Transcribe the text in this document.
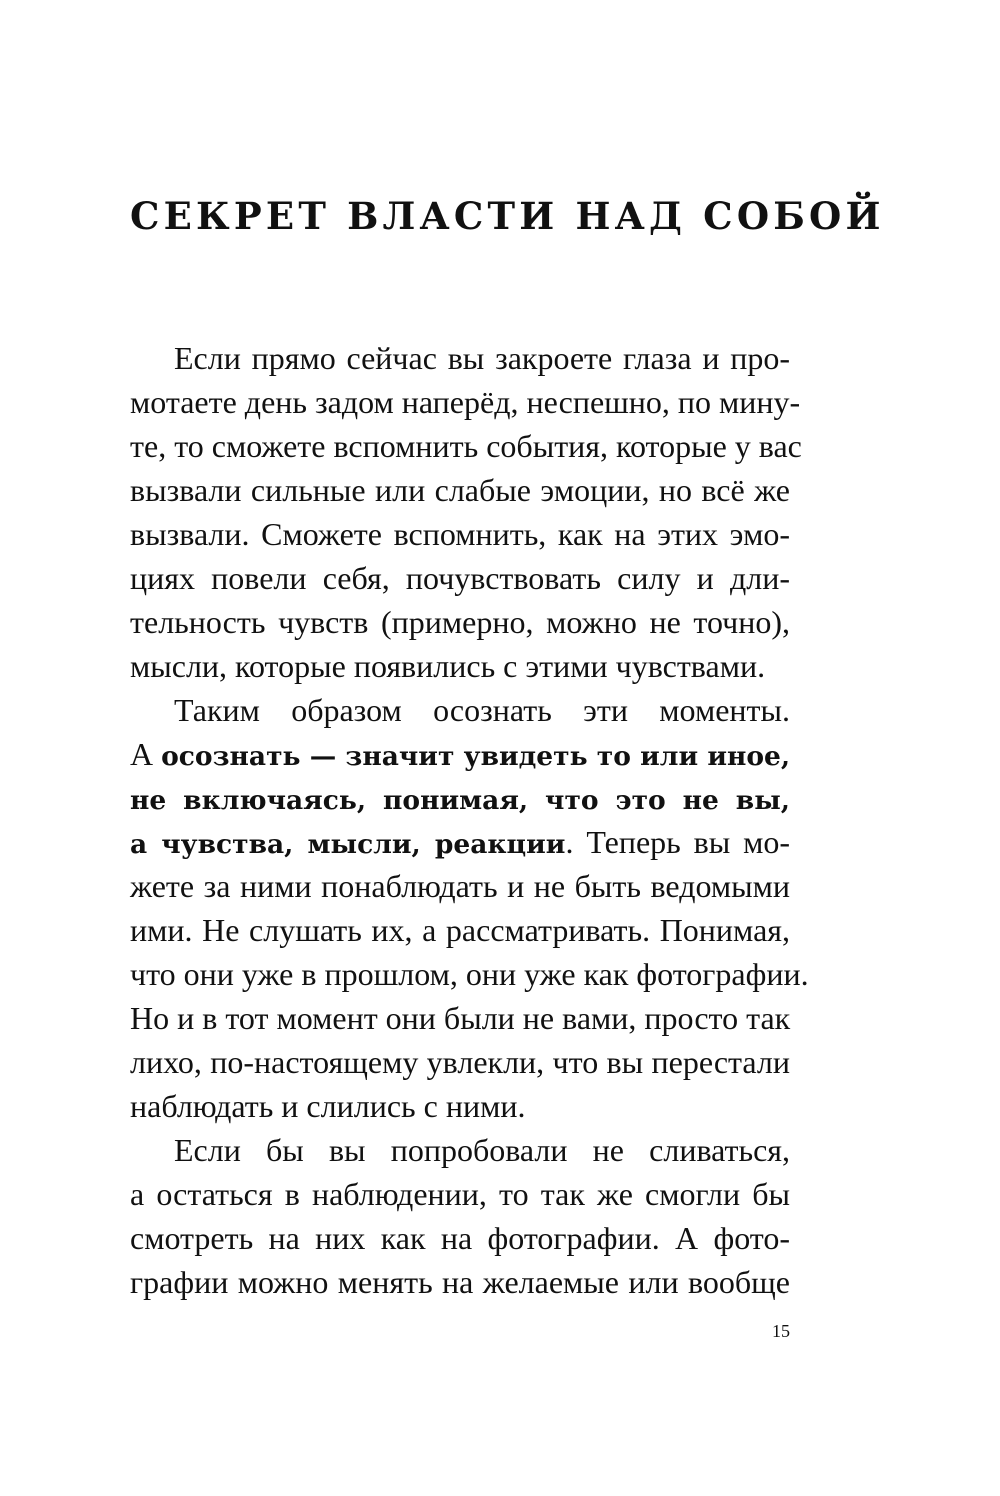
СЕКРЕТ ВЛАСТИ НАД СОБОЙ
Если прямо сейчас вы закроете глаза и про-
мотаете день задом наперёд, неспешно, по мину-
те, то сможете вспомнить события, которые у вас
вызвали сильные или слабые эмоции, но всё же
вызвали. Сможете вспомнить, как на этих эмо-
циях повели себя, почувствовать силу и дли-
тельность чувств (примерно, можно не точно),
мысли, которые появились с этими чувствами.
Таким образом осознать эти моменты.
А осознать — значит увидеть то или иное,
не включаясь, понимая, что это не вы,
а чувства, мысли, реакции. Теперь вы мо-
жете за ними понаблюдать и не быть ведомыми
ими. Не слушать их, а рассматривать. Понимая,
что они уже в прошлом, они уже как фотографии.
Но и в тот момент они были не вами, просто так
лихо, по-настоящему увлекли, что вы перестали
наблюдать и слились с ними.
Если бы вы попробовали не сливаться,
а остаться в наблюдении, то так же смогли бы
смотреть на них как на фотографии. А фото-
графии можно менять на желаемые или вообще
15
